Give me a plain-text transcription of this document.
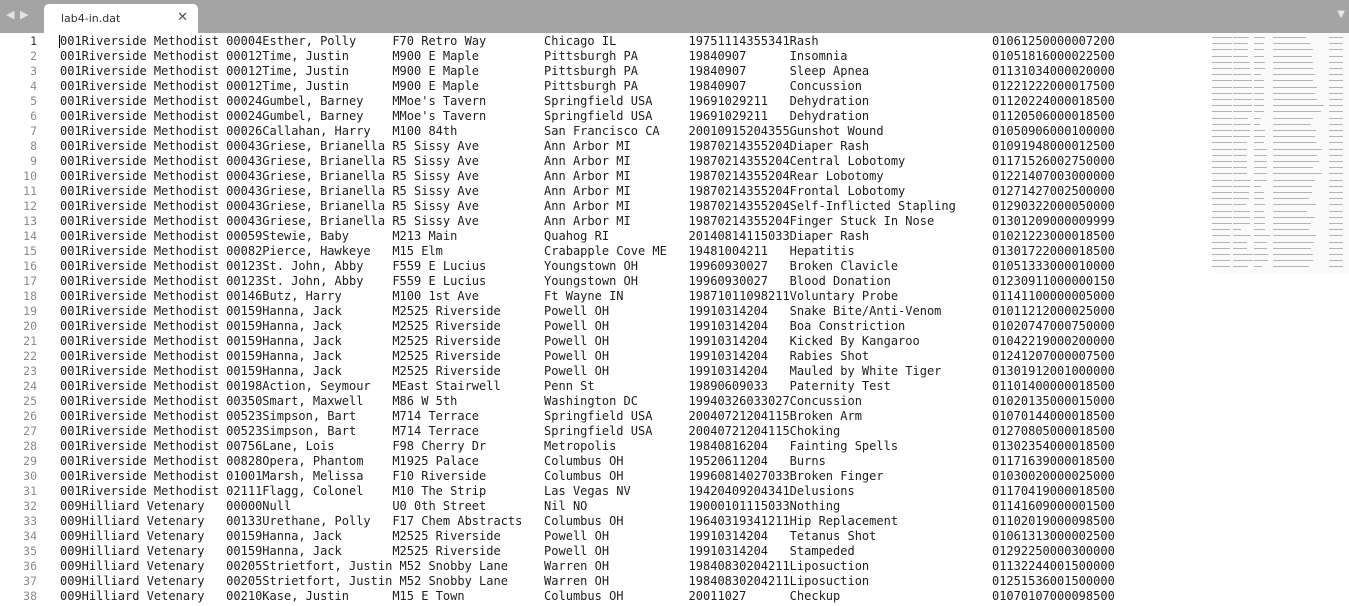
◀ ▶	lab4-in.dat	✕	▼
1
2
3
4
5
6
7
8
9
10
11
12
13
14
15
16
17
18
19
20
21
22
23
24
25
26
27
28
29
30
31
32
33
34
35
36
37
38
001Riverside Methodist 00004Esther, Polly     F70 Retro Way        Chicago IL          19751114355341Rash                        01061250000007200
001Riverside Methodist 00012Time, Justin      M900 E Maple         Pittsburgh PA       19840907      Insomnia                    01051816000022500
001Riverside Methodist 00012Time, Justin      M900 E Maple         Pittsburgh PA       19840907      Sleep Apnea                 01131034000020000
001Riverside Methodist 00012Time, Justin      M900 E Maple         Pittsburgh PA       19840907      Concussion                  01221222000017500
001Riverside Methodist 00024Gumbel, Barney    MMoe's Tavern        Springfield USA     19691029211   Dehydration                 01120224000018500
001Riverside Methodist 00024Gumbel, Barney    MMoe's Tavern        Springfield USA     19691029211   Dehydration                 01120506000018500
001Riverside Methodist 00026Callahan, Harry   M100 84th            San Francisco CA    20010915204355Gunshot Wound               01050906000100000
001Riverside Methodist 00043Griese, Brianella R5 Sissy Ave         Ann Arbor MI        19870214355204Diaper Rash                 01091948000012500
001Riverside Methodist 00043Griese, Brianella R5 Sissy Ave         Ann Arbor MI        19870214355204Central Lobotomy            01171526002750000
001Riverside Methodist 00043Griese, Brianella R5 Sissy Ave         Ann Arbor MI        19870214355204Rear Lobotomy               01221407003000000
001Riverside Methodist 00043Griese, Brianella R5 Sissy Ave         Ann Arbor MI        19870214355204Frontal Lobotomy            01271427002500000
001Riverside Methodist 00043Griese, Brianella R5 Sissy Ave         Ann Arbor MI        19870214355204Self-Inflicted Stapling     01290322000050000
001Riverside Methodist 00043Griese, Brianella R5 Sissy Ave         Ann Arbor MI        19870214355204Finger Stuck In Nose        01301209000009999
001Riverside Methodist 00059Stewie, Baby      M213 Main            Quahog RI           20140814115033Diaper Rash                 01021223000018500
001Riverside Methodist 00082Pierce, Hawkeye   M15 Elm              Crabapple Cove ME   19481004211   Hepatitis                   01301722000018500
001Riverside Methodist 00123St. John, Abby    F559 E Lucius        Youngstown OH       19960930027   Broken Clavicle             01051333000010000
001Riverside Methodist 00123St. John, Abby    F559 E Lucius        Youngstown OH       19960930027   Blood Donation              01230911000000150
001Riverside Methodist 00146Butz, Harry       M100 1st Ave         Ft Wayne IN         19871011098211Voluntary Probe             01141100000005000
001Riverside Methodist 00159Hanna, Jack       M2525 Riverside      Powell OH           19910314204   Snake Bite/Anti-Venom       01011212000025000
001Riverside Methodist 00159Hanna, Jack       M2525 Riverside      Powell OH           19910314204   Boa Constriction            01020747000750000
001Riverside Methodist 00159Hanna, Jack       M2525 Riverside      Powell OH           19910314204   Kicked By Kangaroo          01042219000200000
001Riverside Methodist 00159Hanna, Jack       M2525 Riverside      Powell OH           19910314204   Rabies Shot                 01241207000007500
001Riverside Methodist 00159Hanna, Jack       M2525 Riverside      Powell OH           19910314204   Mauled by White Tiger       01301912001000000
001Riverside Methodist 00198Action, Seymour   MEast Stairwell      Penn St             19890609033   Paternity Test              01101400000018500
001Riverside Methodist 00350Smart, Maxwell    M86 W 5th            Washington DC       19940326033027Concussion                  01020135000015000
001Riverside Methodist 00523Simpson, Bart     M714 Terrace         Springfield USA     20040721204115Broken Arm                  01070144000018500
001Riverside Methodist 00523Simpson, Bart     M714 Terrace         Springfield USA     20040721204115Choking                     01270805000018500
001Riverside Methodist 00756Lane, Lois        F98 Cherry Dr        Metropolis          19840816204   Fainting Spells             01302354000018500
001Riverside Methodist 00828Opera, Phantom    M1925 Palace         Columbus OH         19520611204   Burns                       01171639000018500
001Riverside Methodist 01001Marsh, Melissa    F10 Riverside        Columbus OH         19960814027033Broken Finger               01030020000025000
001Riverside Methodist 02111Flagg, Colonel    M10 The Strip        Las Vegas NV        19420409204341Delusions                   01170419000018500
009Hilliard Vetenary   00000Null              U0 0th Street        Nil NO              19000101115033Nothing                     01141609000001500
009Hilliard Vetenary   00133Urethane, Polly   F17 Chem Abstracts   Columbus OH         19640319341211Hip Replacement             01102019000098500
009Hilliard Vetenary   00159Hanna, Jack       M2525 Riverside      Powell OH           19910314204   Tetanus Shot                01061313000002500
009Hilliard Vetenary   00159Hanna, Jack       M2525 Riverside      Powell OH           19910314204   Stampeded                   01292250000300000
009Hilliard Vetenary   00205Strietfort, Justin M52 Snobby Lane     Warren OH           19840830204211Liposuction                 01132244001500000
009Hilliard Vetenary   00205Strietfort, Justin M52 Snobby Lane     Warren OH           19840830204211Liposuction                 01251536001500000
009Hilliard Vetenary   00210Kase, Justin      M15 E Town           Columbus OH         20011027      Checkup                     01070107000098500
